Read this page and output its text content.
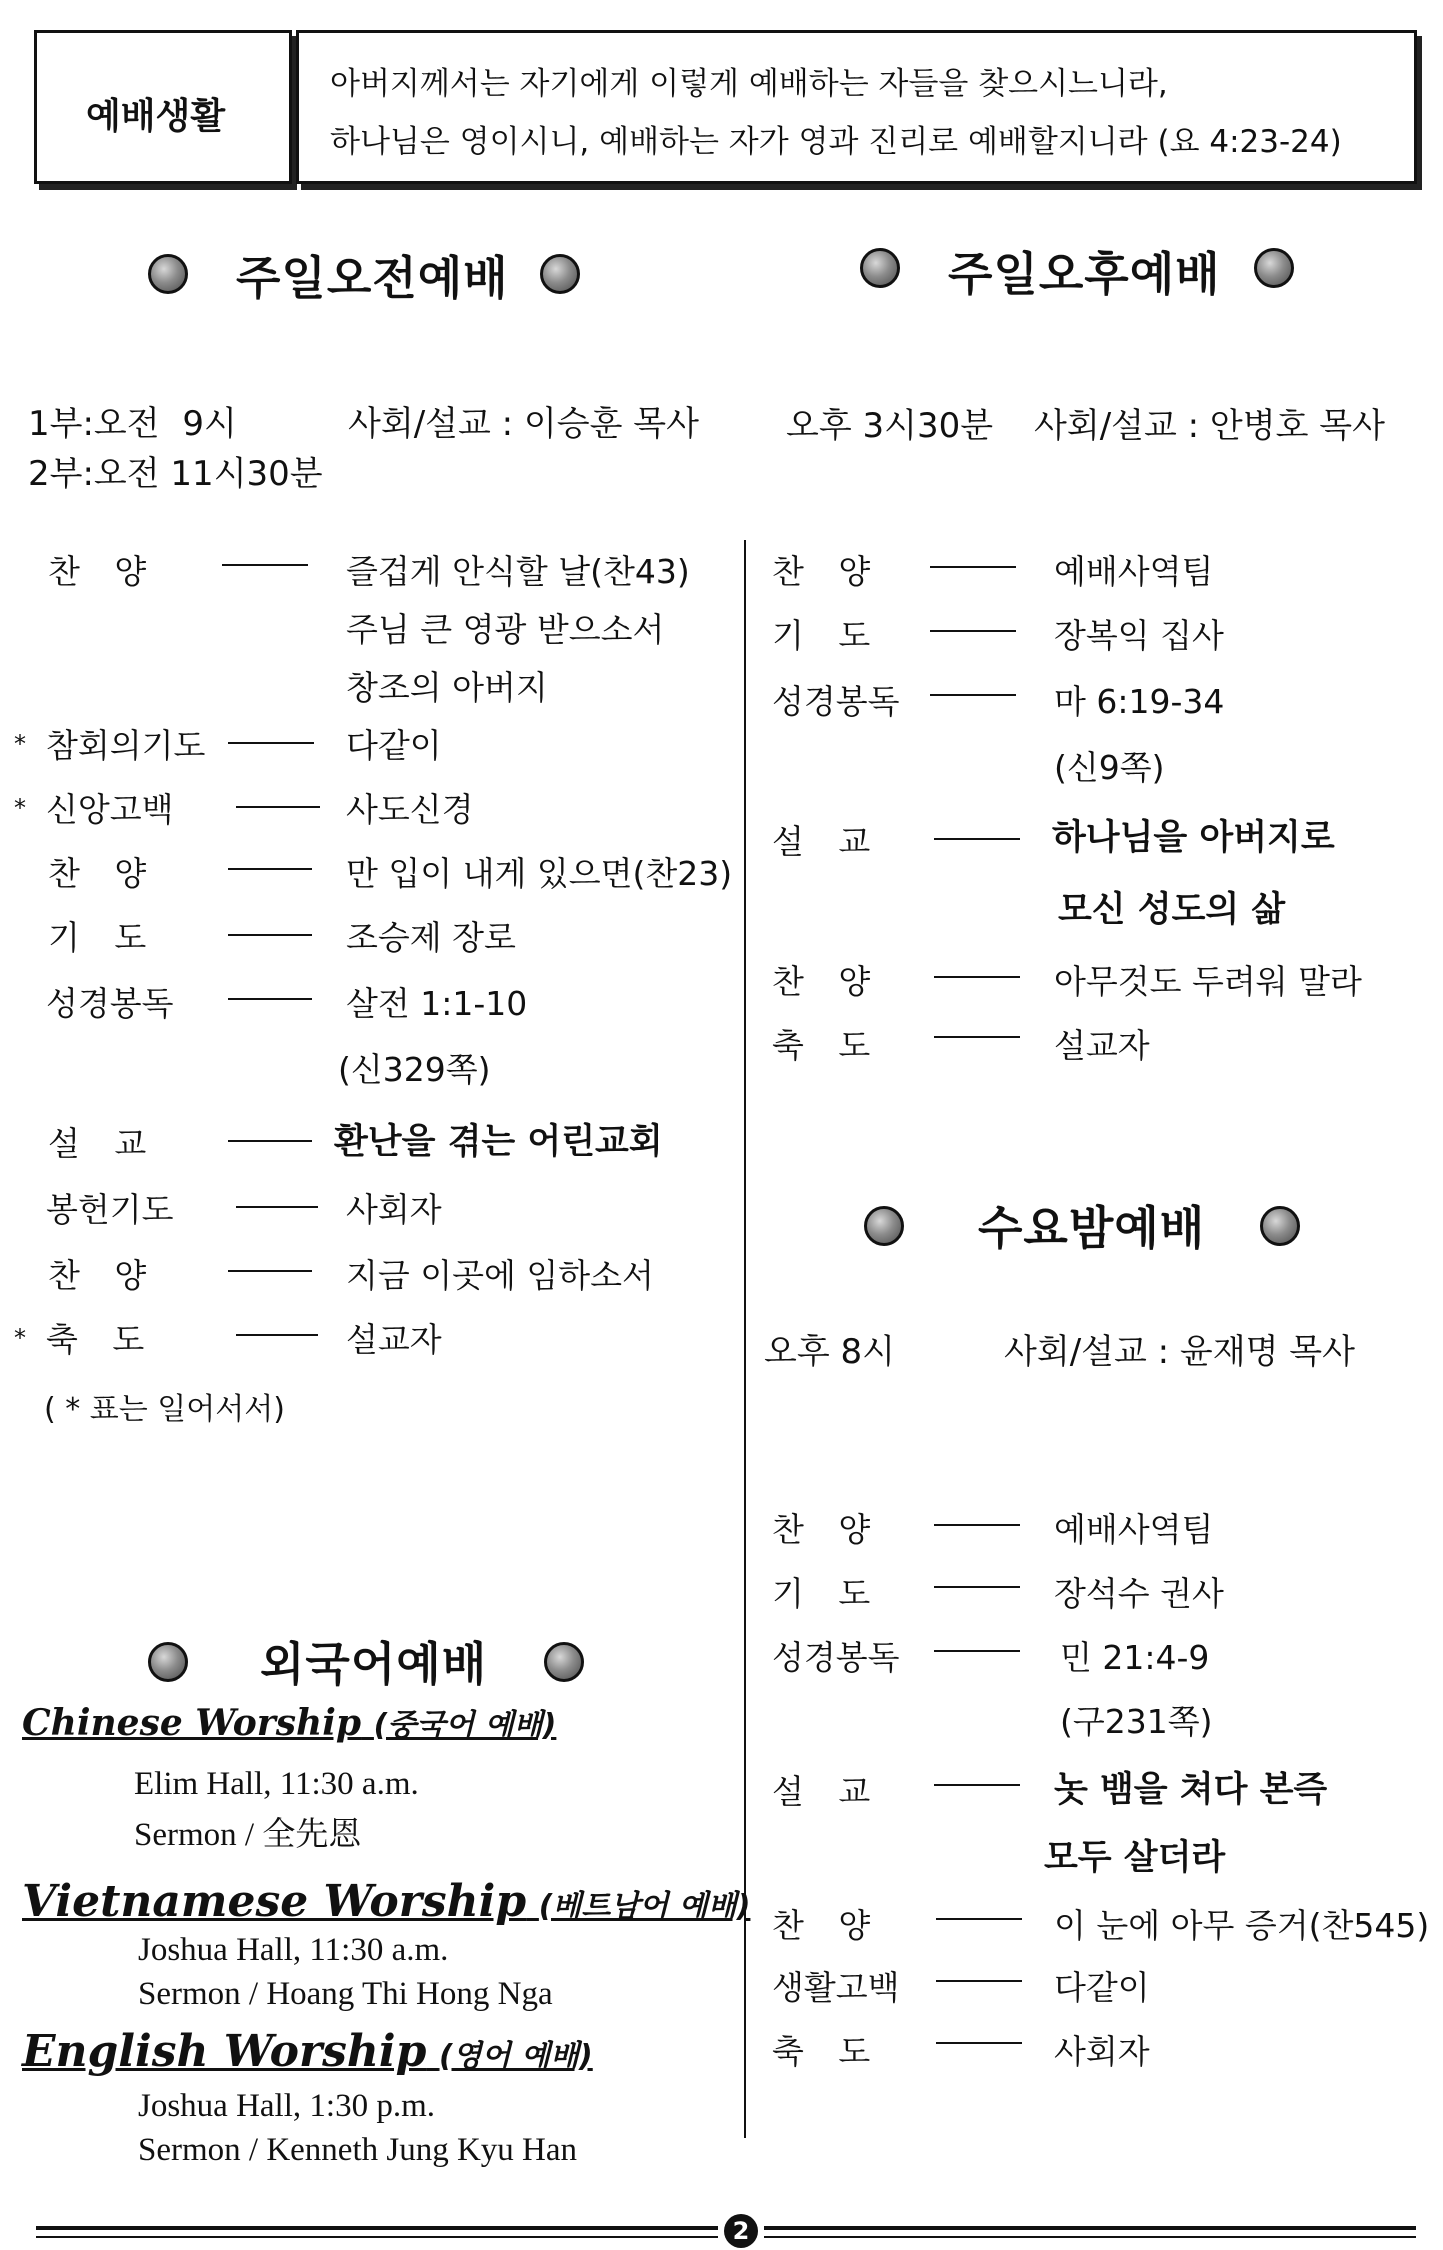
예배생활
아버지께서는 자기에게 이렇게 예배하는 자들을 찾으시느니라,
하나님은 영이시니, 예배하는 자가 영과 진리로 예배할지니라 (요 4:23-24)
주일오전예배	주일오후예배
1부:오전 9시	사회/설교 : 이승훈 목사
2부:오전 11시30분
오후 3시30분 사회/설교 : 안병호 목사
찬 양	즐겁게 안식할 날(찬43)
주님 큰 영광 받으소서
창조의 아버지
* 참회의기도	다같이
* 신앙고백	사도신경
찬 양	만 입이 내게 있으면(찬23)
기 도	조승제 장로
성경봉독	살전 1:1-10
(신329쪽)
설 교	환난을 겪는 어린교회
봉헌기도	사회자
찬 양	지금 이곳에 임하소서
* 축 도	설교자
( * 표는 일어서서)
찬 양	예배사역팀
기 도	장복익 집사
성경봉독	마 6:19-34
(신9쪽)
설 교	하나님을 아버지로
모신 성도의 삶
찬 양	아무것도 두려워 말라
축 도	설교자
수요밤예배
오후 8시	사회/설교 : 윤재명 목사
찬 양	예배사역팀
기 도	장석수 권사
성경봉독	민 21:4-9
(구231쪽)
설 교	놋 뱀을 쳐다 본즉
모두 살더라
찬 양	이 눈에 아무 증거(찬545)
생활고백	다같이
축 도	사회자
외국어예배
Chinese Worship (중국어 예배)
Elim Hall, 11:30 a.m.
Sermon / 全先恩
Vietnamese Worship (베트남어 예배)
Joshua Hall, 11:30 a.m.
Sermon / Hoang Thi Hong Nga
English Worship (영어 예배)
Joshua Hall, 1:30 p.m.
Sermon / Kenneth Jung Kyu Han
2
